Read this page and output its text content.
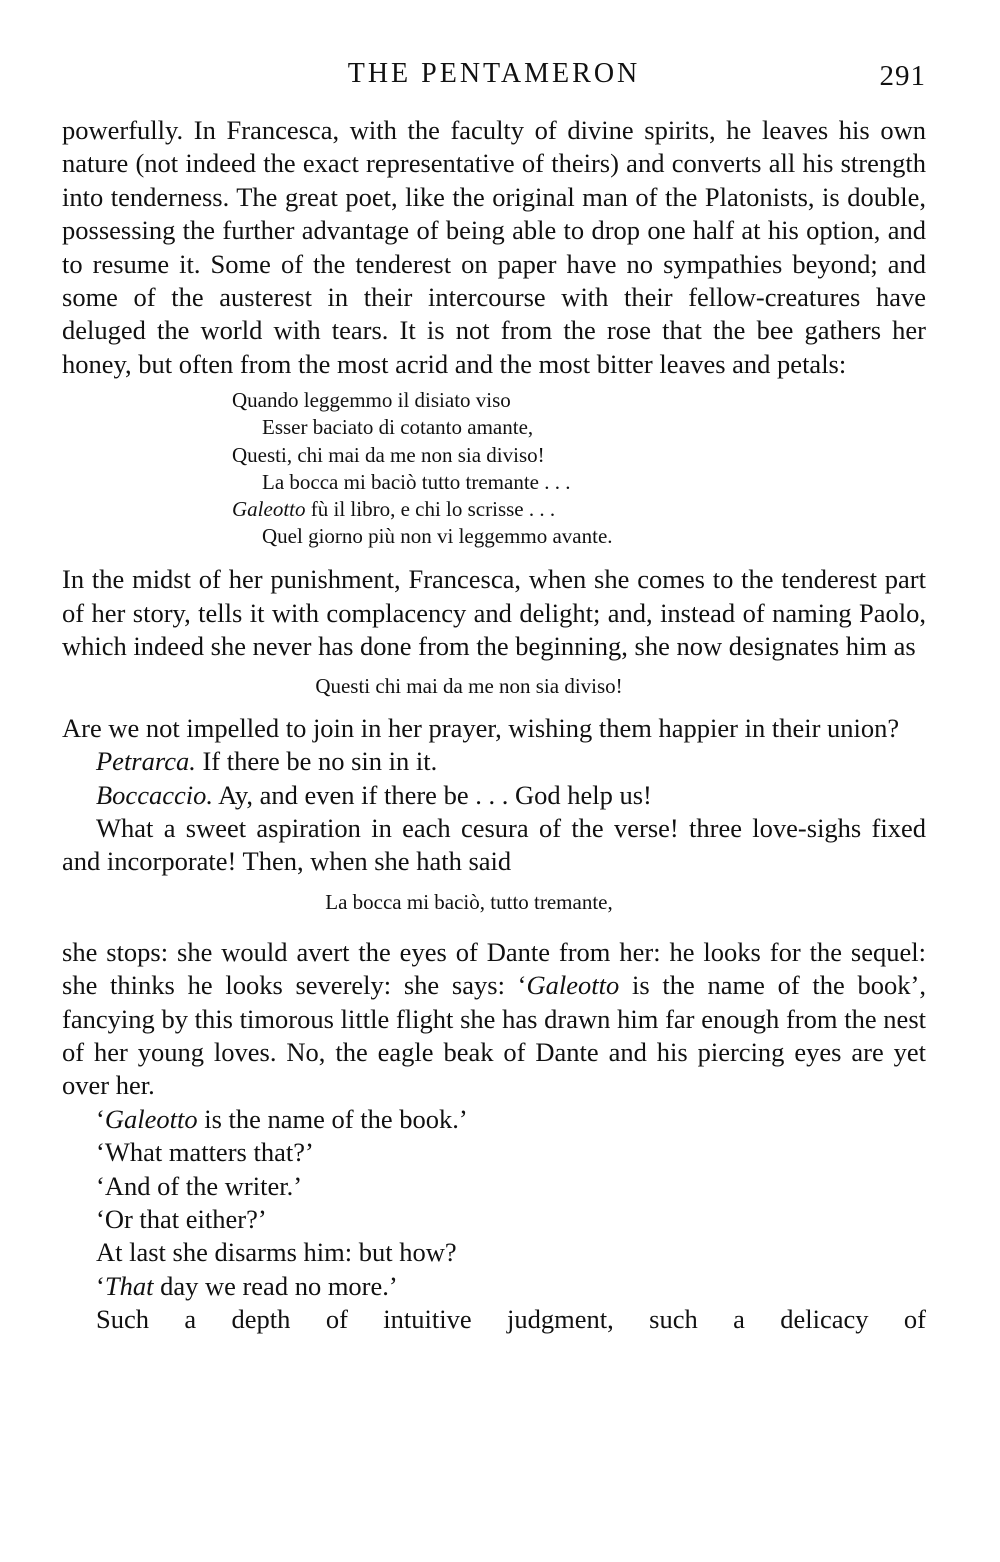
THE PENTAMERON	291

powerfully. In Francesca, with the faculty of divine spirits, he leaves his own nature (not indeed the exact representative of theirs) and converts all his strength into tenderness. The great poet, like the original man of the Platonists, is double, possessing the further advantage of being able to drop one half at his option, and to resume it. Some of the tenderest on paper have no sympathies beyond; and some of the austerest in their intercourse with their fellow-creatures have deluged the world with tears. It is not from the rose that the bee gathers her honey, but often from the most acrid and the most bitter leaves and petals:

Quando leggemmo il disiato viso
Esser baciato di cotanto amante,
Questi, chi mai da me non sia diviso!
La bocca mi baciò tutto tremante . . .
Galeotto fù il libro, e chi lo scrisse . . .
Quel giorno più non vi leggemmo avante.

In the midst of her punishment, Francesca, when she comes to the tenderest part of her story, tells it with complacency and delight; and, instead of naming Paolo, which indeed she never has done from the beginning, she now designates him as

Questi chi mai da me non sia diviso!

Are we not impelled to join in her prayer, wishing them happier in their union?

Petrarca. If there be no sin in it.

Boccaccio. Ay, and even if there be . . . God help us!

What a sweet aspiration in each cesura of the verse! three love-sighs fixed and incorporate! Then, when she hath said

La bocca mi baciò, tutto tremante,

she stops: she would avert the eyes of Dante from her: he looks for the sequel: she thinks he looks severely: she says: ‘Galeotto is the name of the book’, fancying by this timorous little flight she has drawn him far enough from the nest of her young loves. No, the eagle beak of Dante and his piercing eyes are yet over her.

‘Galeotto is the name of the book.’

‘What matters that?’

‘And of the writer.’

‘Or that either?’

At last she disarms him: but how?

‘That day we read no more.’

Such a depth of intuitive judgment, such a delicacy of
